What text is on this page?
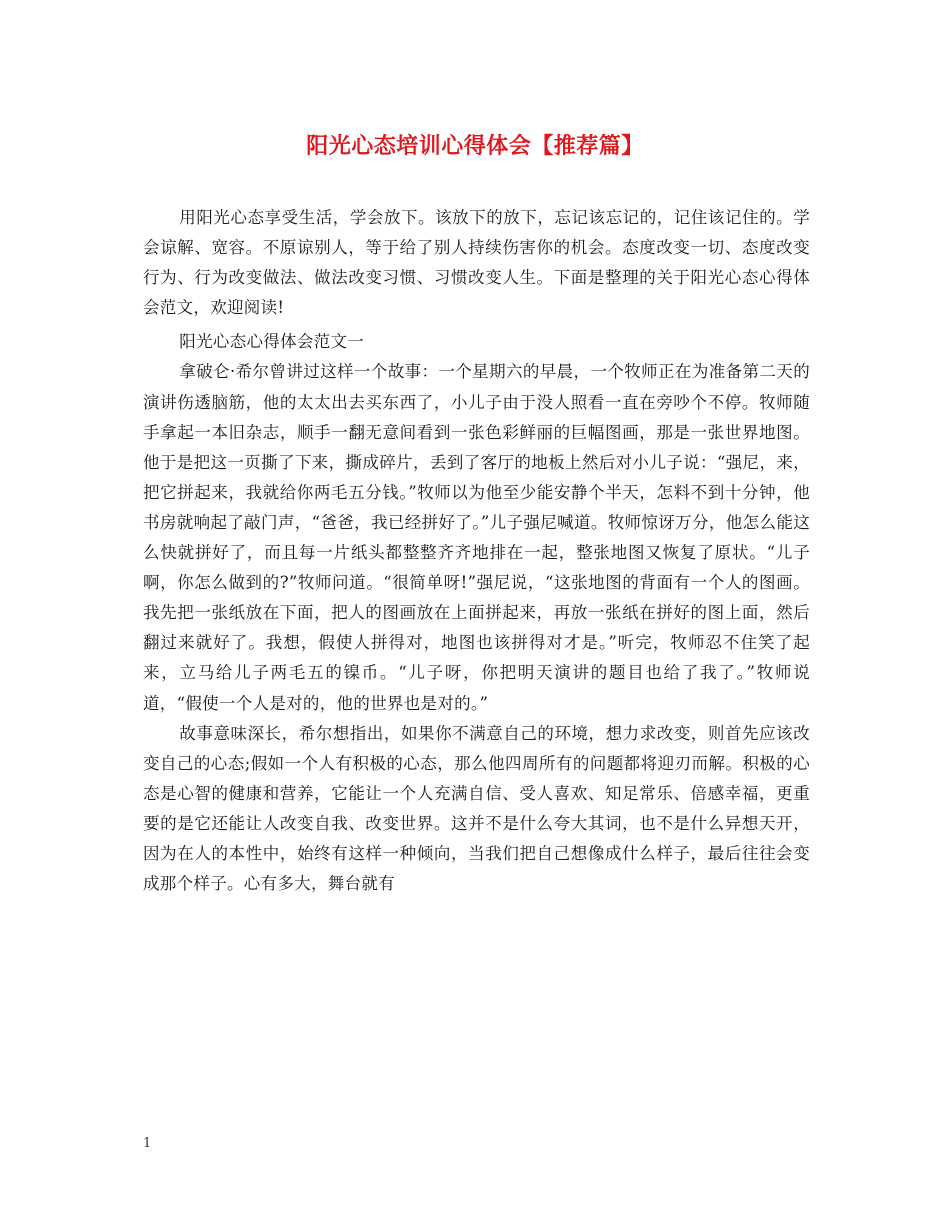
阳光心态培训心得体会【推荐篇】

用阳光心态享受生活，学会放下。该放下的放下，忘记该忘记的，记住该记住的。学会谅解、宽容。不原谅别人，等于给了别人持续伤害你的机会。态度改变一切、态度改变行为、行为改变做法、做法改变习惯、习惯改变人生。下面是整理的关于阳光心态心得体会范文，欢迎阅读!

阳光心态心得体会范文一

拿破仑·希尔曾讲过这样一个故事：一个星期六的早晨，一个牧师正在为准备第二天的演讲伤透脑筋，他的太太出去买东西了，小儿子由于没人照看一直在旁吵个不停。牧师随手拿起一本旧杂志，顺手一翻无意间看到一张色彩鲜丽的巨幅图画，那是一张世界地图。他于是把这一页撕了下来，撕成碎片，丢到了客厅的地板上然后对小儿子说：“强尼，来，把它拼起来，我就给你两毛五分钱。”牧师以为他至少能安静个半天，怎料不到十分钟，他书房就响起了敲门声，“爸爸，我已经拼好了。”儿子强尼喊道。牧师惊讶万分，他怎么能这么快就拼好了，而且每一片纸头都整整齐齐地排在一起，整张地图又恢复了原状。“儿子啊，你怎么做到的?”牧师问道。“很简单呀!”强尼说，“这张地图的背面有一个人的图画。我先把一张纸放在下面，把人的图画放在上面拼起来，再放一张纸在拼好的图上面，然后翻过来就好了。我想，假使人拼得对，地图也该拼得对才是。”听完，牧师忍不住笑了起来，立马给儿子两毛五的镍币。“儿子呀，你把明天演讲的题目也给了我了。”牧师说道，“假使一个人是对的，他的世界也是对的。”

故事意味深长，希尔想指出，如果你不满意自己的环境，想力求改变，则首先应该改变自己的心态;假如一个人有积极的心态，那么他四周所有的问题都将迎刃而解。积极的心态是心智的健康和营养，它能让一个人充满自信、受人喜欢、知足常乐、倍感幸福，更重要的是它还能让人改变自我、改变世界。这并不是什么夸大其词，也不是什么异想天开，因为在人的本性中，始终有这样一种倾向，当我们把自己想像成什么样子，最后往往会变成那个样子。心有多大，舞台就有

1
